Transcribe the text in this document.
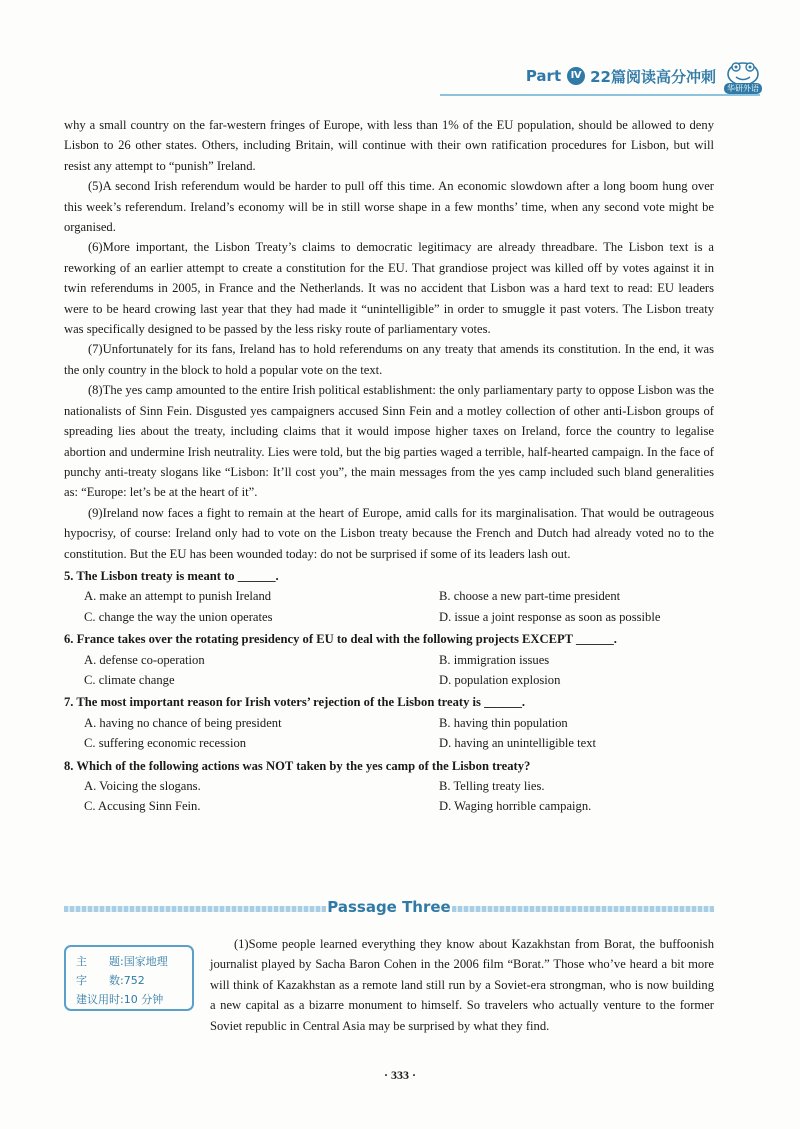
Part Ⅳ 22篇阅读高分冲刺
华研外语

why a small country on the far-western fringes of Europe, with less than 1% of the EU population, should be allowed to deny Lisbon to 26 other states. Others, including Britain, will continue with their own ratification procedures for Lisbon, but will resist any attempt to “punish” Ireland.

(5)A second Irish referendum would be harder to pull off this time. An economic slowdown after a long boom hung over this week’s referendum. Ireland’s economy will be in still worse shape in a few months’ time, when any second vote might be organised.

(6)More important, the Lisbon Treaty’s claims to democratic legitimacy are already threadbare. The Lisbon text is a reworking of an earlier attempt to create a constitution for the EU. That grandiose project was killed off by votes against it in twin referendums in 2005, in France and the Netherlands. It was no accident that Lisbon was a hard text to read: EU leaders were to be heard crowing last year that they had made it “unintelligible” in order to smuggle it past voters. The Lisbon treaty was specifically designed to be passed by the less risky route of parliamentary votes.

(7)Unfortunately for its fans, Ireland has to hold referendums on any treaty that amends its constitution. In the end, it was the only country in the block to hold a popular vote on the text.

(8)The yes camp amounted to the entire Irish political establishment: the only parliamentary party to oppose Lisbon was the nationalists of Sinn Fein. Disgusted yes campaigners accused Sinn Fein and a motley collection of other anti-Lisbon groups of spreading lies about the treaty, including claims that it would impose higher taxes on Ireland, force the country to legalise abortion and undermine Irish neutrality. Lies were told, but the big parties waged a terrible, half-hearted campaign. In the face of punchy anti-treaty slogans like “Lisbon: It’ll cost you”, the main messages from the yes camp included such bland generalities as: “Europe: let’s be at the heart of it”.

(9)Ireland now faces a fight to remain at the heart of Europe, amid calls for its marginalisation. That would be outrageous hypocrisy, of course: Ireland only had to vote on the Lisbon treaty because the French and Dutch had already voted no to the constitution. But the EU has been wounded today: do not be surprised if some of its leaders lash out.

5. The Lisbon treaty is meant to ______.

A. make an attempt to punish Ireland	B. choose a new part-time president
C. change the way the union operates	D. issue a joint response as soon as possible

6. France takes over the rotating presidency of EU to deal with the following projects EXCEPT ______.

A. defense co-operation	B. immigration issues
C. climate change	D. population explosion

7. The most important reason for Irish voters’ rejection of the Lisbon treaty is ______.

A. having no chance of being president	B. having thin population
C. suffering economic recession	D. having an unintelligible text

8. Which of the following actions was NOT taken by the yes camp of the Lisbon treaty?

A. Voicing the slogans.	B. Telling treaty lies.
C. Accusing Sinn Fein.	D. Waging horrible campaign.
Passage Three
(1)Some people learned everything they know about Kazakhstan from Borat, the buffoonish journalist played by Sacha Baron Cohen in the 2006 film “Borat.” Those who’ve heard a bit more will think of Kazakhstan as a remote land still run by a Soviet-era strongman, who is now building a new capital as a bizarre monument to himself. So travelers who actually venture to the former Soviet republic in Central Asia may be surprised by what they find.
主　　题:国家地理
字　　数:752
建议用时:10 分钟
· 333 ·
